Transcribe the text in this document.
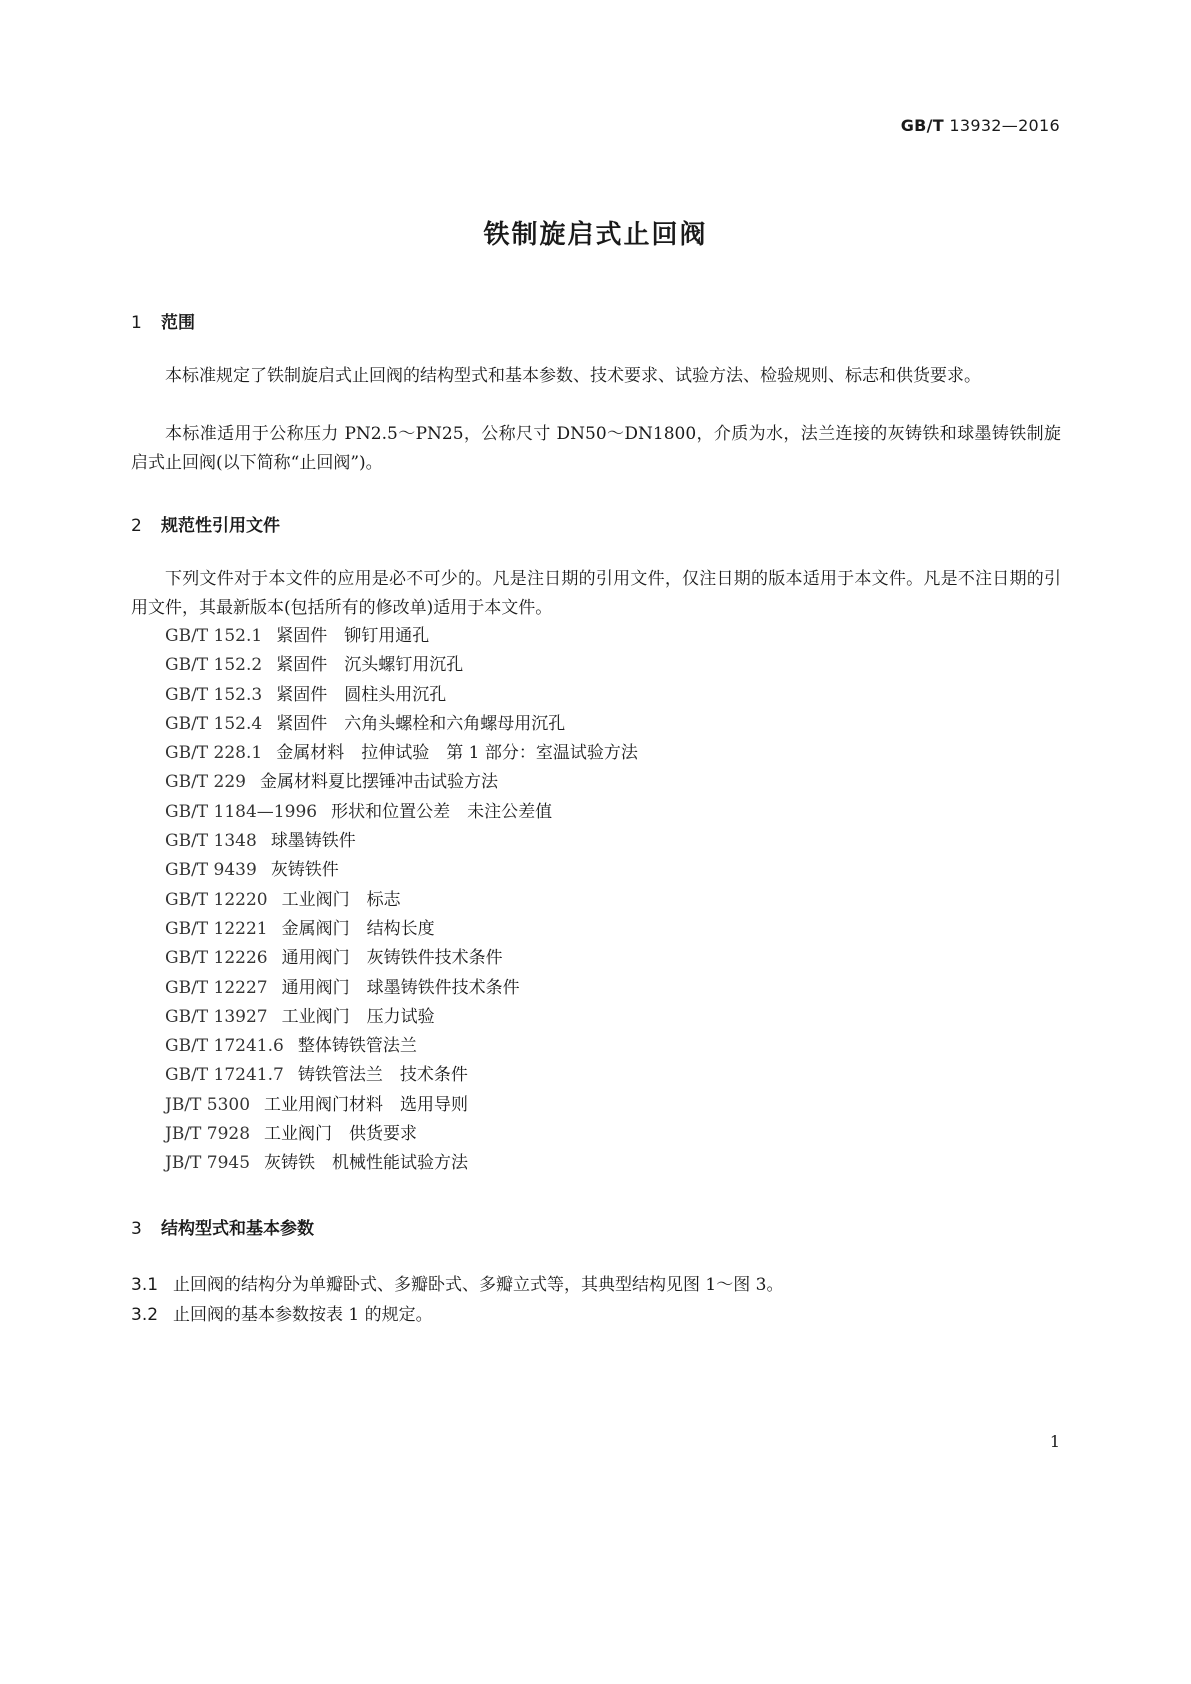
GB/T 13932—2016
铁制旋启式止回阀
1 范围
本标准规定了铁制旋启式止回阀的结构型式和基本参数、技术要求、试验方法、检验规则、标志和供货要求。
本标准适用于公称压力 PN2.5～PN25，公称尺寸 DN50～DN1800，介质为水，法兰连接的灰铸铁和球墨铸铁制旋启式止回阀(以下简称“止回阀”)。
2 规范性引用文件
下列文件对于本文件的应用是必不可少的。凡是注日期的引用文件，仅注日期的版本适用于本文件。凡是不注日期的引用文件，其最新版本(包括所有的修改单)适用于本文件。
GB/T 152.1 紧固件　铆钉用通孔
GB/T 152.2 紧固件　沉头螺钉用沉孔
GB/T 152.3 紧固件　圆柱头用沉孔
GB/T 152.4 紧固件　六角头螺栓和六角螺母用沉孔
GB/T 228.1 金属材料　拉伸试验　第 1 部分：室温试验方法
GB/T 229 金属材料夏比摆锤冲击试验方法
GB/T 1184—1996 形状和位置公差　未注公差值
GB/T 1348 球墨铸铁件
GB/T 9439 灰铸铁件
GB/T 12220 工业阀门　标志
GB/T 12221 金属阀门　结构长度
GB/T 12226 通用阀门　灰铸铁件技术条件
GB/T 12227 通用阀门　球墨铸铁件技术条件
GB/T 13927 工业阀门　压力试验
GB/T 17241.6 整体铸铁管法兰
GB/T 17241.7 铸铁管法兰　技术条件
JB/T 5300 工业用阀门材料　选用导则
JB/T 7928 工业阀门　供货要求
JB/T 7945 灰铸铁　机械性能试验方法
3 结构型式和基本参数
3.1 止回阀的结构分为单瓣卧式、多瓣卧式、多瓣立式等，其典型结构见图 1～图 3。
3.2 止回阀的基本参数按表 1 的规定。
1
